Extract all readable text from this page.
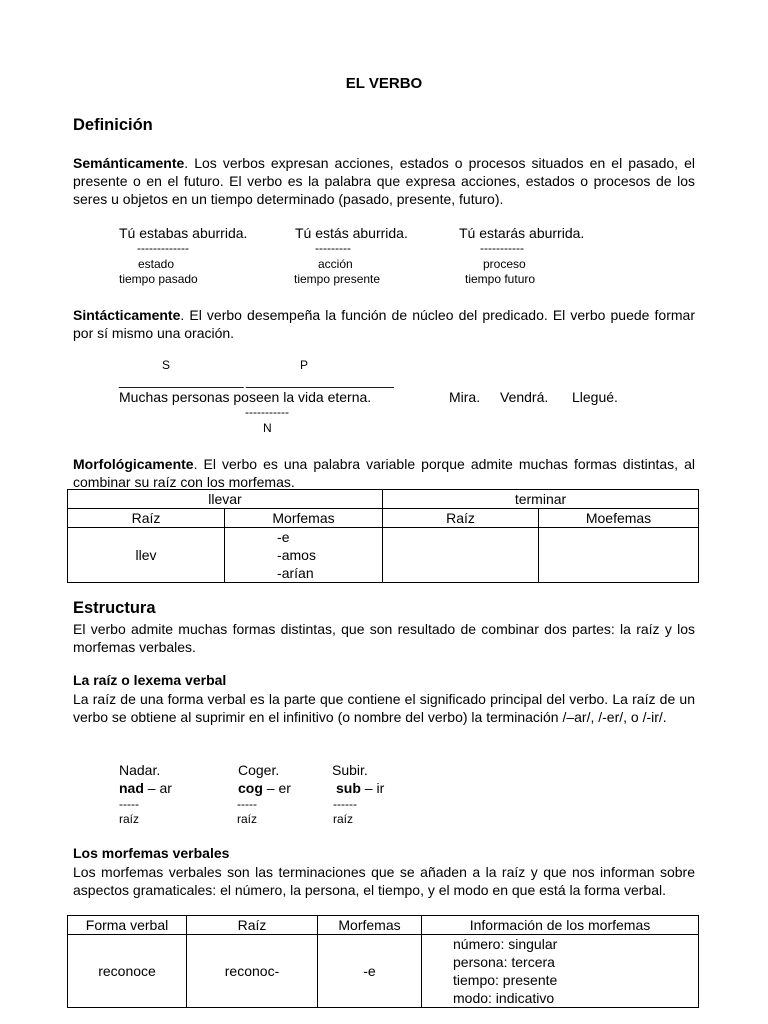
EL VERBO
Definición
Semánticamente. Los verbos expresan acciones, estados o procesos situados en el pasado, el presente o en el futuro. El verbo es la palabra que expresa acciones, estados o procesos de los seres u objetos en un tiempo determinado (pasado, presente, futuro).
Tú estabas aburrida.
-------------
estado
tiempo pasado
Tú estás aburrida.
---------
acción
tiempo presente
Tú estarás aburrida.
-----------
proceso
tiempo futuro
Sintácticamente. El verbo desempeña la función de núcleo del predicado. El verbo puede formar por sí mismo una oración.
S	P
________________ ___________________
Muchas personas poseen la vida eterna.	Mira. Vendrá. Llegué.
-----------
N
Morfológicamente. El verbo es una palabra variable porque admite muchas formas distintas, al combinar su raíz con los morfemas.
llevar		terminar	
Raíz	Morfemas	Raíz	Moefemas
llev	-e
-amos
-arían		

Estructura
El verbo admite muchas formas distintas, que son resultado de combinar dos partes: la raíz y los morfemas verbales.
La raíz o lexema verbal
La raíz de una forma verbal es la parte que contiene el significado principal del verbo. La raíz de un verbo se obtiene al suprimir en el infinitivo (o nombre del verbo) la terminación /–ar/, /-er/, o /-ir/.
Nadar.
nad – ar
-----
raíz
Coger.
cog – er
-----
raíz
Subir.
sub – ir
------
raíz
Los morfemas verbales
Los morfemas verbales son las terminaciones que se añaden a la raíz y que nos informan sobre aspectos gramaticales: el número, la persona, el tiempo, y el modo en que está la forma verbal.
Forma verbal	Raíz	Morfemas	Información de los morfemas
reconoce	reconoc-	-e	número: singular
persona: tercera
tiempo: presente
modo: indicativo
